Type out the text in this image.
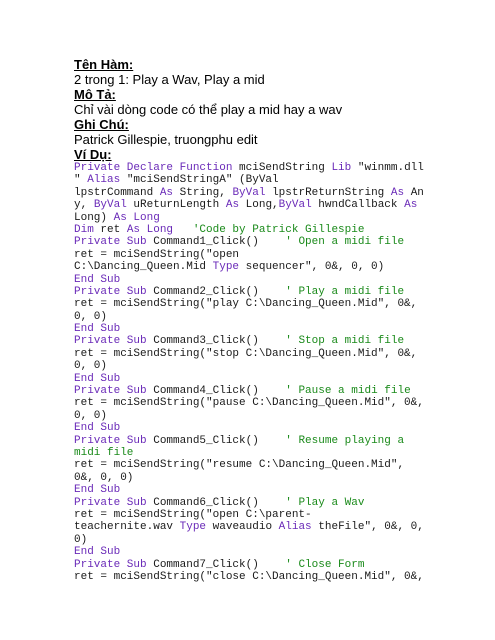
Tên Hàm:
2 trong 1: Play a Wav, Play a mid
Mô Tả:
Chỉ vài dòng code có thể play a mid hay a wav
Ghi Chú:
Patrick Gillespie, truongphu edit
Ví Dụ:
Private Declare Function mciSendString Lib "winmm.dll
" Alias "mciSendStringA" (ByVal
lpstrCommand As String, ByVal lpstrReturnString As An
y, ByVal uReturnLength As Long,ByVal hwndCallback As
Long) As Long
Dim ret As Long   'Code by Patrick Gillespie
Private Sub Command1_Click()    ' Open a midi file
ret = mciSendString("open
C:\Dancing_Queen.Mid Type sequencer", 0&, 0, 0)
End Sub
Private Sub Command2_Click()    ' Play a midi file
ret = mciSendString("play C:\Dancing_Queen.Mid", 0&,
0, 0)
End Sub
Private Sub Command3_Click()    ' Stop a midi file
ret = mciSendString("stop C:\Dancing_Queen.Mid", 0&,
0, 0)
End Sub
Private Sub Command4_Click()    ' Pause a midi file
ret = mciSendString("pause C:\Dancing_Queen.Mid", 0&,
0, 0)
End Sub
Private Sub Command5_Click()    ' Resume playing a
midi file
ret = mciSendString("resume C:\Dancing_Queen.Mid",
0&, 0, 0)
End Sub
Private Sub Command6_Click()    ' Play a Wav
ret = mciSendString("open C:\parent-
teachernite.wav Type waveaudio Alias theFile", 0&, 0,
0)
End Sub
Private Sub Command7_Click()    ' Close Form
ret = mciSendString("close C:\Dancing_Queen.Mid", 0&,
